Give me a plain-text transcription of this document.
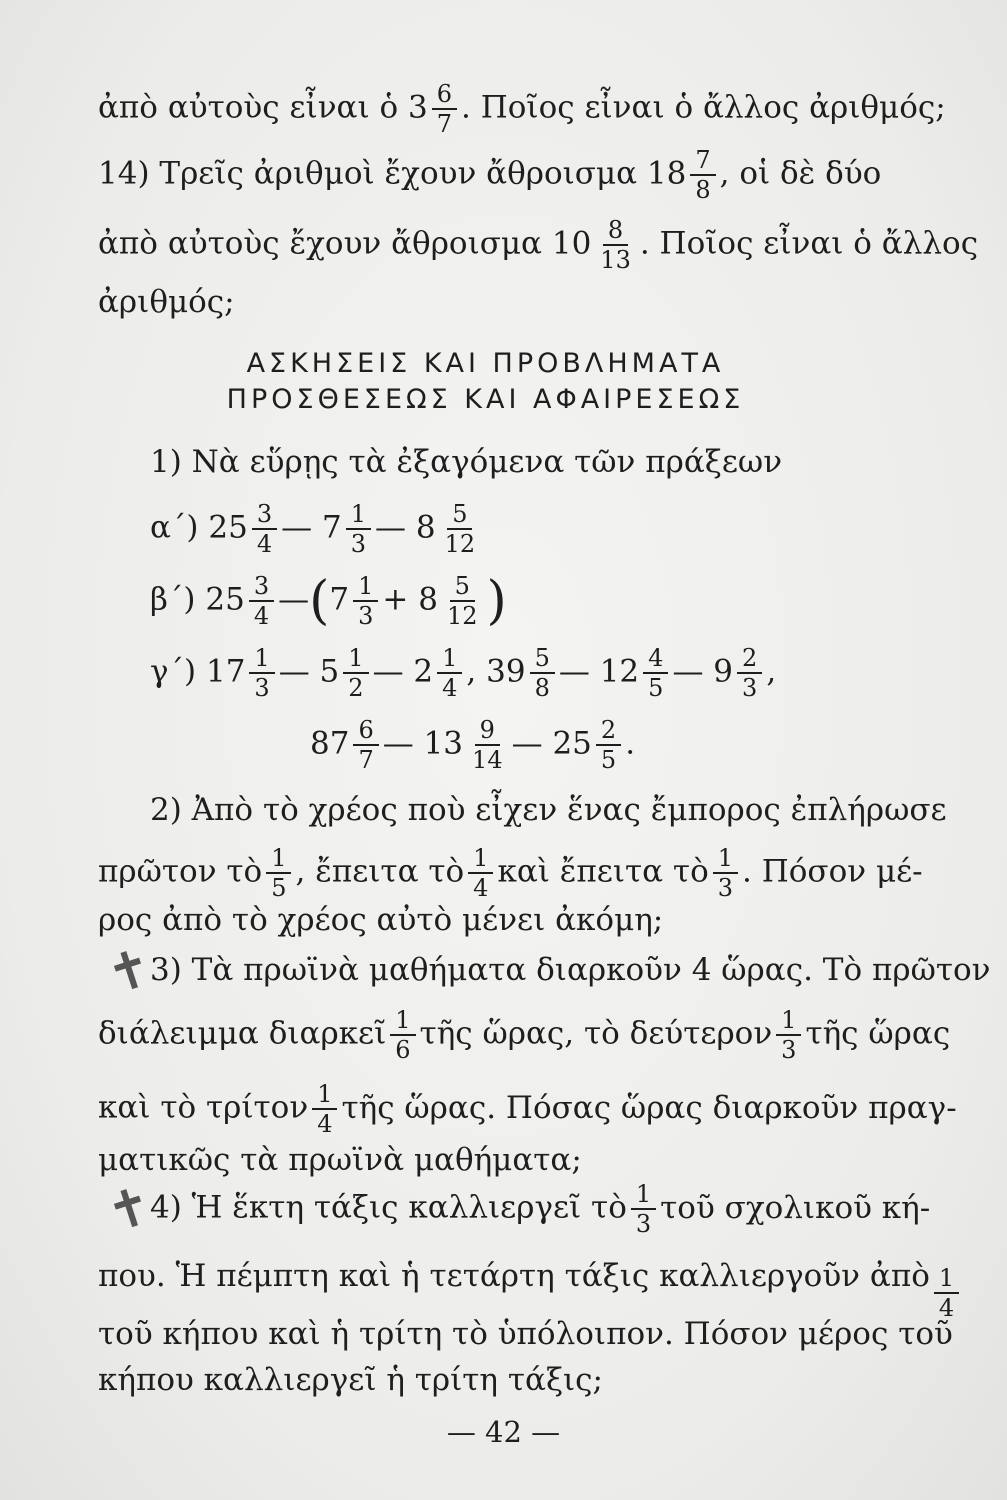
ἀπὸ αὐτοὺς εἶναι ὁ $3 \frac{6}{7}$ . Ποῖος εἶναι ὁ ἄλλος ἀριθμός;
14) Τρεῖς ἀριθμοὶ ἔχουν ἄθροισμα $18 \frac{7}{8}$ , οἱ δὲ δύο
ἀπὸ αὐτοὺς ἔχουν ἄθροισμα $10 \frac{8}{13}$ . Ποῖος εἶναι ὁ ἄλλος
ἀριθμός;
ΑΣΚΗΣΕΙΣ ΚΑΙ ΠΡΟΒΛΗΜΑΤΑ
ΠΡΟΣΘΕΣΕΩΣ ΚΑΙ ΑΦΑΙΡΕΣΕΩΣ
1) Νὰ εὕρῃς τὰ ἐξαγόμενα τῶν πράξεων
α΄) $25 \frac{3}{4}$ — $7 \frac{1}{3}$ — $8 \frac{5}{12}$
β΄) $25 \frac{3}{4}$ —(7 $\frac{1}{3} + 8 \frac{5}{12}$ )
γ΄) $17 \frac{1}{3}$ — $5 \frac{1}{2}$ — $2 \frac{1}{4}$ , $39 \frac{5}{8}$ — $12 \frac{4}{5}$ — $9 \frac{2}{3}$ ,
$87 \frac{6}{7}$ — $13 \frac{9}{14}$ — $25 \frac{2}{5}$ .
2) Ἀπὸ τὸ χρέος ποὺ εἶχεν ἕνας ἔμπορος ἐπλήρωσε
πρῶτον τὸ $\frac{1}{5}$ , ἔπειτα τὸ $\frac{1}{4}$ καὶ ἔπειτα τὸ $\frac{1}{3}$ . Πόσον μέ-
ρος ἀπὸ τὸ χρέος αὐτὸ μένει ἀκόμη;
✝
3) Τὰ πρωϊνὰ μαθήματα διαρκοῦν 4 ὥρας. Τὸ πρῶτον
διάλειμμα διαρκεῖ $\frac{1}{6}$ τῆς ὥρας, τὸ δεύτερον $\frac{1}{3}$ τῆς ὥρας
καὶ τὸ τρίτον $\frac{1}{4}$ τῆς ὥρας. Πόσας ὥρας διαρκοῦν πραγ-
ματικῶς τὰ πρωϊνὰ μαθήματα;
✝
4) Ἡ ἕκτη τάξις καλλιεργεῖ τὸ $\frac{1}{3}$ τοῦ σχολικοῦ κή-
που. Ἡ πέμπτη καὶ ἡ τετάρτη τάξις καλλιεργοῦν ἀπὸ $\frac{1}{4}$
τοῦ κήπου καὶ ἡ τρίτη τὸ ὑπόλοιπον. Πόσον μέρος τοῦ
κήπου καλλιεργεῖ ἡ τρίτη τάξις;
— 42 —
